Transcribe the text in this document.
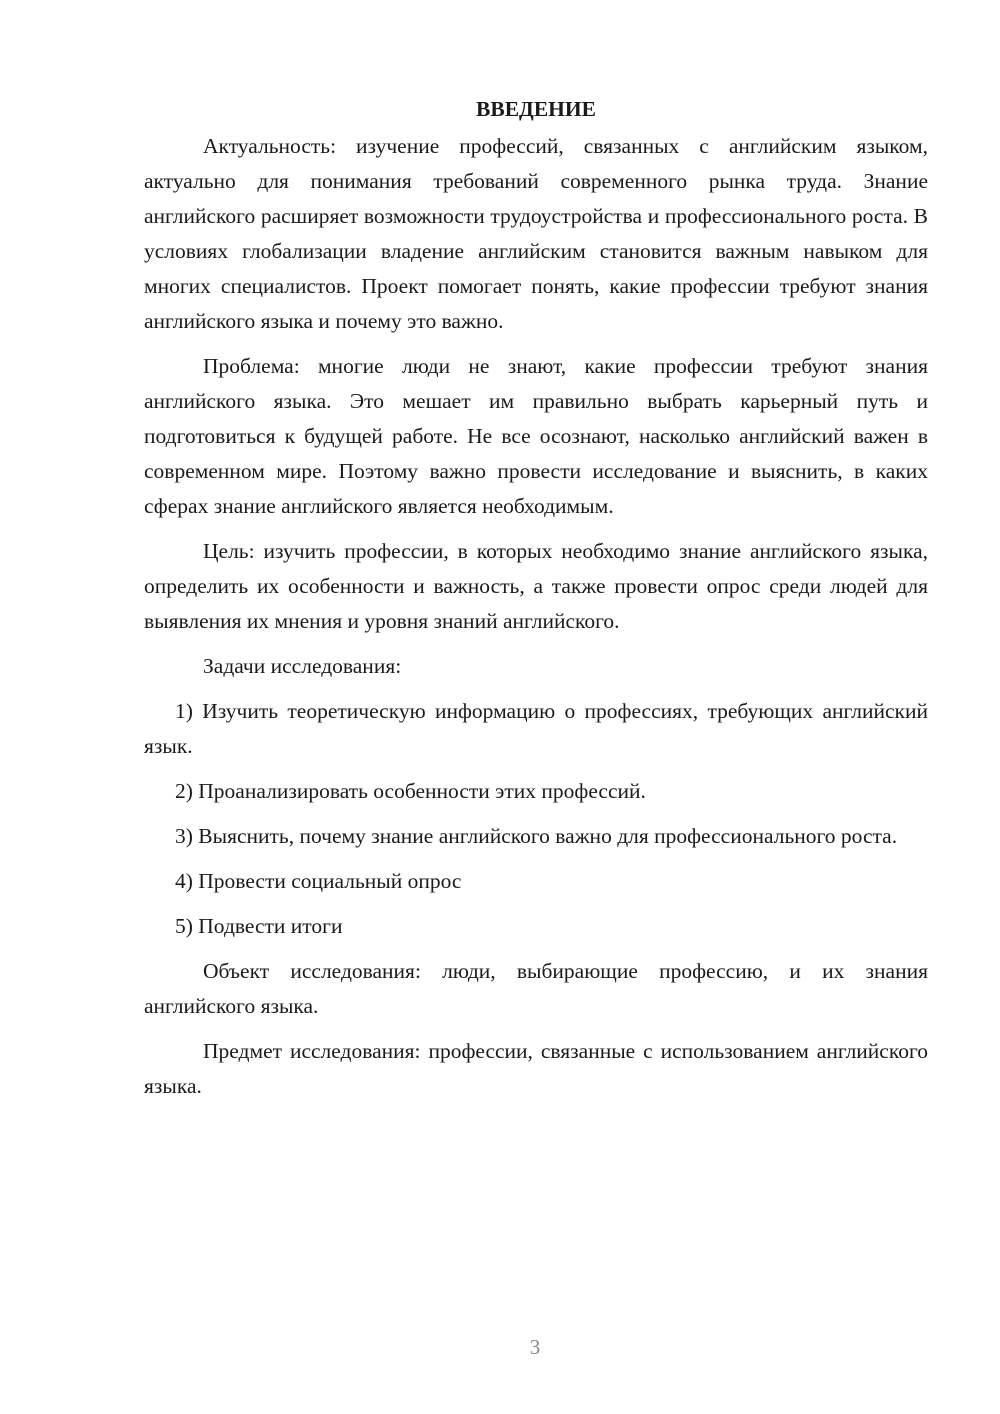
ВВЕДЕНИЕ

Актуальность: изучение профессий, связанных с английским языком, актуально для понимания требований современного рынка труда. Знание английского расширяет возможности трудоустройства и профессионального роста. В условиях глобализации владение английским становится важным навыком для многих специалистов. Проект помогает понять, какие профессии требуют знания английского языка и почему это важно.

Проблема: многие люди не знают, какие профессии требуют знания английского языка. Это мешает им правильно выбрать карьерный путь и подготовиться к будущей работе. Не все осознают, насколько английский важен в современном мире. Поэтому важно провести исследование и выяснить, в каких сферах знание английского является необходимым.

Цель: изучить профессии, в которых необходимо знание английского языка, определить их особенности и важность, а также провести опрос среди людей для выявления их мнения и уровня знаний английского.

Задачи исследования:

1) Изучить теоретическую информацию о профессиях, требующих английский язык.

2) Проанализировать особенности этих профессий.

3) Выяснить, почему знание английского важно для профессионального роста.

4) Провести социальный опрос

5) Подвести итоги

Объект исследования: люди, выбирающие профессию, и их знания английского языка.

Предмет исследования: профессии, связанные с использованием английского языка.

3
